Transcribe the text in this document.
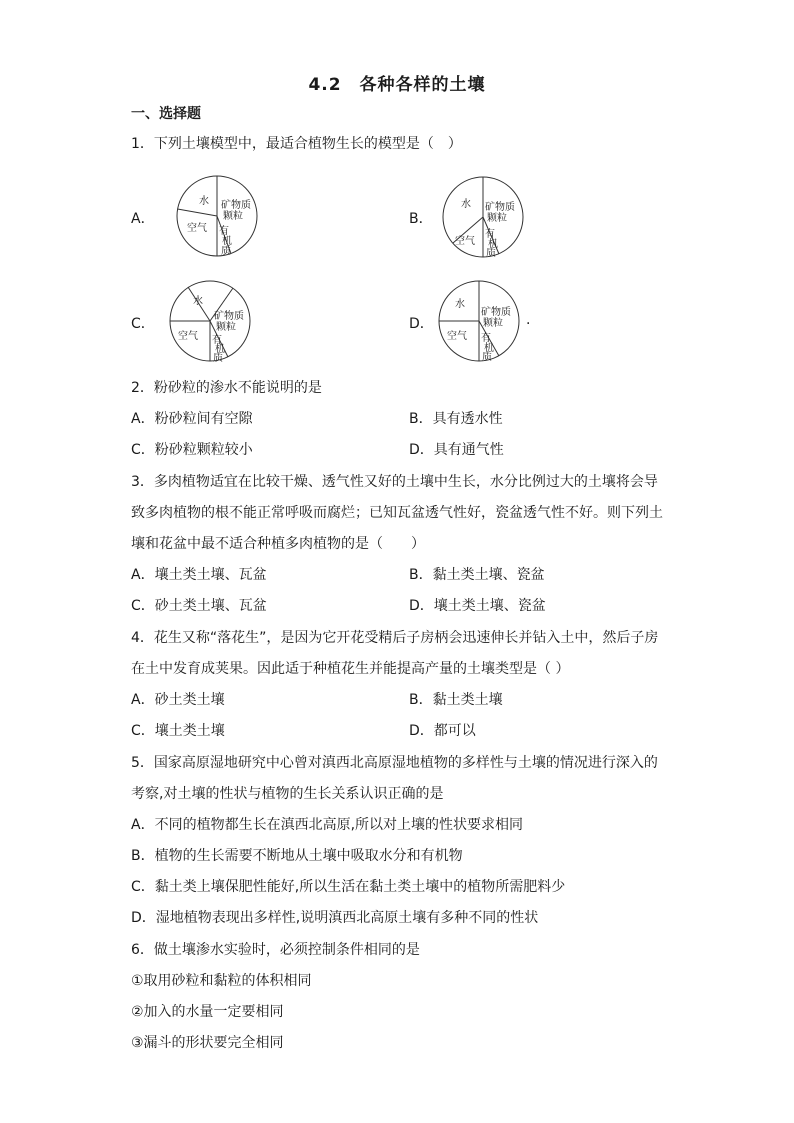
4.2　各种各样的土壤
一、选择题
1．下列土壤模型中，最适合植物生长的模型是（　）
A．	B．
C．	D．
水
空气
矿物质
颗粒
有
机
质
水
空气
矿物质
颗粒
有
机
质
水
空气
矿物质
颗粒
有
机
质
水
空气
矿物质
颗粒
有
机
质
.
2．粉砂粒的渗水不能说明的是
A．粉砂粒间有空隙	B．具有透水性
C．粉砂粒颗粒较小	D．具有通气性
3．多肉植物适宜在比较干燥、透气性又好的土壤中生长，水分比例过大的土壤将会导
致多肉植物的根不能正常呼吸而腐烂；已知瓦盆透气性好，瓷盆透气性不好。则下列土
壤和花盆中最不适合种植多肉植物的是（　　）
A．壤土类土壤、瓦盆	B．黏土类土壤、瓷盆
C．砂土类土壤、瓦盆	D．壤土类土壤、瓷盆
4．花生又称“落花生”，是因为它开花受精后子房柄会迅速伸长并钻入土中，然后子房
在土中发育成荚果。因此适于种植花生并能提高产量的土壤类型是（ ）
A．砂土类土壤	B．黏土类土壤
C．壤土类土壤	D．都可以
5．国家高原湿地研究中心曾对滇西北高原湿地植物的多样性与土壤的情况进行深入的
考察,对土壤的性状与植物的生长关系认识正确的是
A．不同的植物都生长在滇西北高原,所以对上壤的性状要求相同
B．植物的生长需要不断地从土壤中吸取水分和有机物
C．黏土类上壤保肥性能好,所以生活在黏土类土壤中的植物所需肥料少
D．湿地植物表现出多样性,说明滇西北高原土壤有多种不同的性状
6．做土壤渗水实验时，必须控制条件相同的是
①取用砂粒和黏粒的体积相同
②加入的水量一定要相同
③漏斗的形状要完全相同
